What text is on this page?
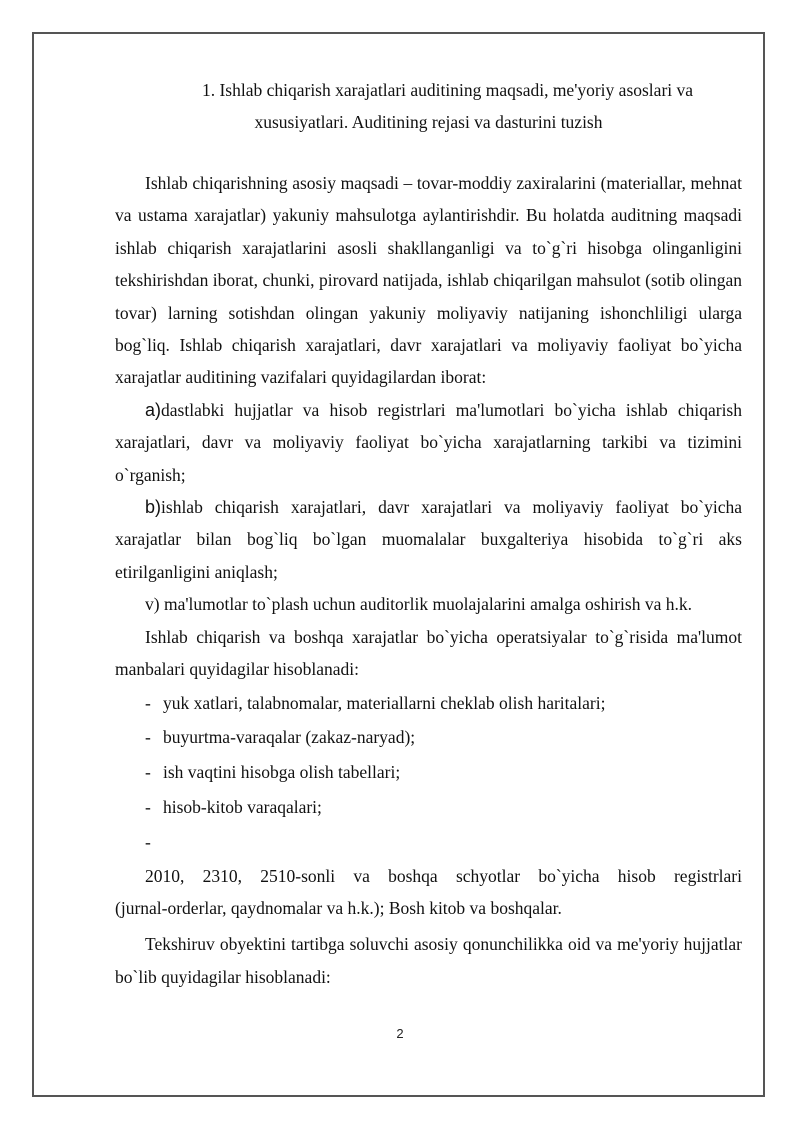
1. Ishlab chiqarish xarajatlari auditining maqsadi, me'yoriy asoslari va
xususiyatlari. Auditining rejasi va dasturini tuzish

Ishlab chiqarishning asosiy maqsadi – tovar-moddiy zaxiralarini (materiallar, mehnat va ustama xarajatlar) yakuniy mahsulotga aylantirishdir. Bu holatda auditning maqsadi ishlab chiqarish xarajatlarini asosli shakllanganligi va to`g`ri hisobga olinganligini tekshirishdan iborat, chunki, pirovard natijada, ishlab chiqarilgan mahsulot (sotib olingan tovar) larning sotishdan olingan yakuniy moliyaviy natijaning ishonchliligi ularga bog`liq. Ishlab chiqarish xarajatlari, davr xarajatlari va moliyaviy faoliyat bo`yicha xarajatlar auditining vazifalari quyidagilardan iborat:

a)dastlabki hujjatlar va hisob registrlari ma'lumotlari bo`yicha ishlab chiqarish xarajatlari, davr va moliyaviy faoliyat bo`yicha xarajatlarning tarkibi va tizimini o`rganish;

b)ishlab chiqarish xarajatlari, davr xarajatlari va moliyaviy faoliyat bo`yicha xarajatlar bilan bog`liq bo`lgan muomalalar buxgalteriya hisobida to`g`ri aks etirilganligini aniqlash;

v) ma'lumotlar to`plash uchun auditorlik muolajalarini amalga oshirish va h.k.

Ishlab chiqarish va boshqa xarajatlar bo`yicha operatsiyalar to`g`risida ma'lumot manbalari quyidagilar hisoblanadi:

- yuk xatlari, talabnomalar, materiallarni cheklab olish haritalari;

- buyurtma-varaqalar (zakaz-naryad);

- ish vaqtini hisobga olish tabellari;

- hisob-kitob varaqalari;

-2010, 2310, 2510-sonli va boshqa schyotlar bo`yicha hisob registrlari
(jurnal-orderlar, qaydnomalar va h.k.); Bosh kitob va boshqalar.

Tekshiruv obyektini tartibga soluvchi asosiy qonunchilikka oid va me'yoriy hujjatlar bo`lib quyidagilar hisoblanadi:

2
